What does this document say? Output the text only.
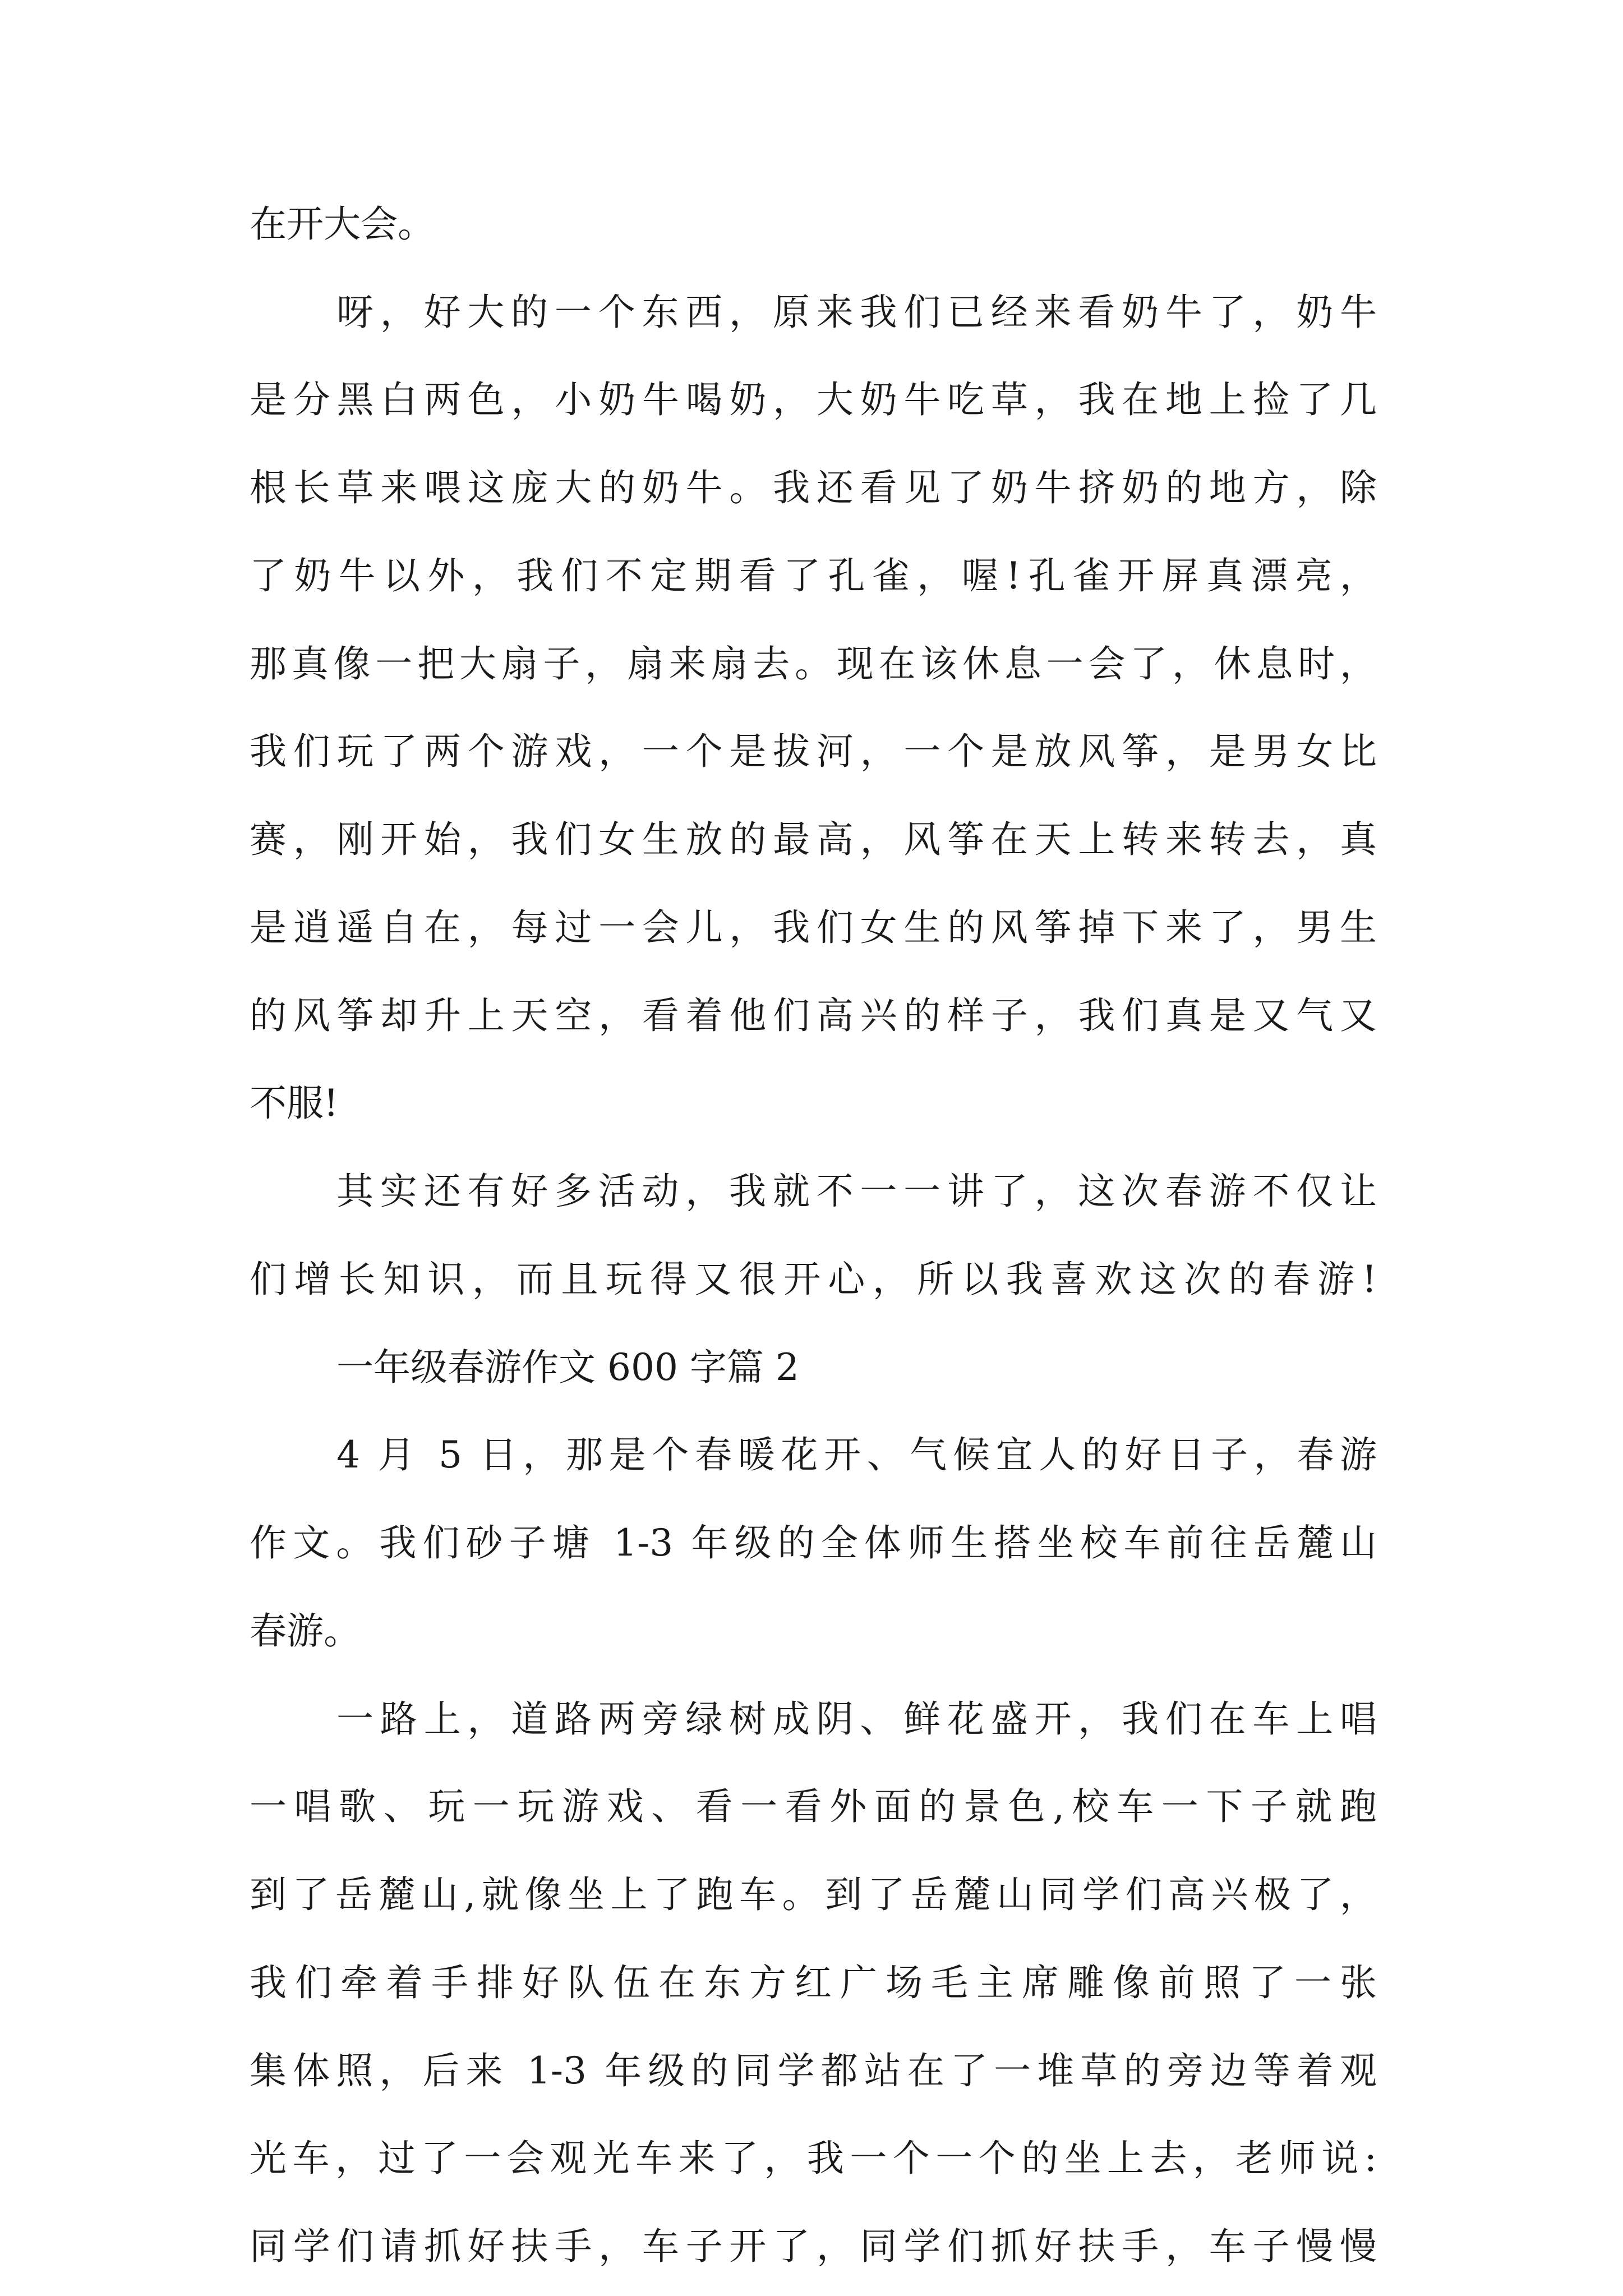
在开大会。
呀，好大的一个东西，原来我们已经来看奶牛了，奶牛
是分黑白两色，小奶牛喝奶，大奶牛吃草，我在地上捡了几
根长草来喂这庞大的奶牛。我还看见了奶牛挤奶的地方，除
了奶牛以外，我们不定期看了孔雀，喔!孔雀开屏真漂亮，
那真像一把大扇子，扇来扇去。现在该休息一会了，休息时，
我们玩了两个游戏，一个是拔河，一个是放风筝，是男女比
赛，刚开始，我们女生放的最高，风筝在天上转来转去，真
是逍遥自在，每过一会儿，我们女生的风筝掉下来了，男生
的风筝却升上天空，看着他们高兴的样子，我们真是又气又
不服!
其实还有好多活动，我就不一一讲了，这次春游不仅让
们增长知识，而且玩得又很开心，所以我喜欢这次的春游!
一年级春游作文 600 字篇 2
4 月 5 日，那是个春暖花开、气候宜人的好日子，春游
作文。我们砂子塘 1-3 年级的全体师生搭坐校车前往岳麓山
春游。
一路上，道路两旁绿树成阴、鲜花盛开，我们在车上唱
一唱歌、玩一玩游戏、看一看外面的景色,校车一下子就跑
到了岳麓山,就像坐上了跑车。到了岳麓山同学们高兴极了，
我们牵着手排好队伍在东方红广场毛主席雕像前照了一张
集体照，后来 1-3 年级的同学都站在了一堆草的旁边等着观
光车，过了一会观光车来了，我一个一个的坐上去，老师说:
同学们请抓好扶手，车子开了，同学们抓好扶手，车子慢慢
